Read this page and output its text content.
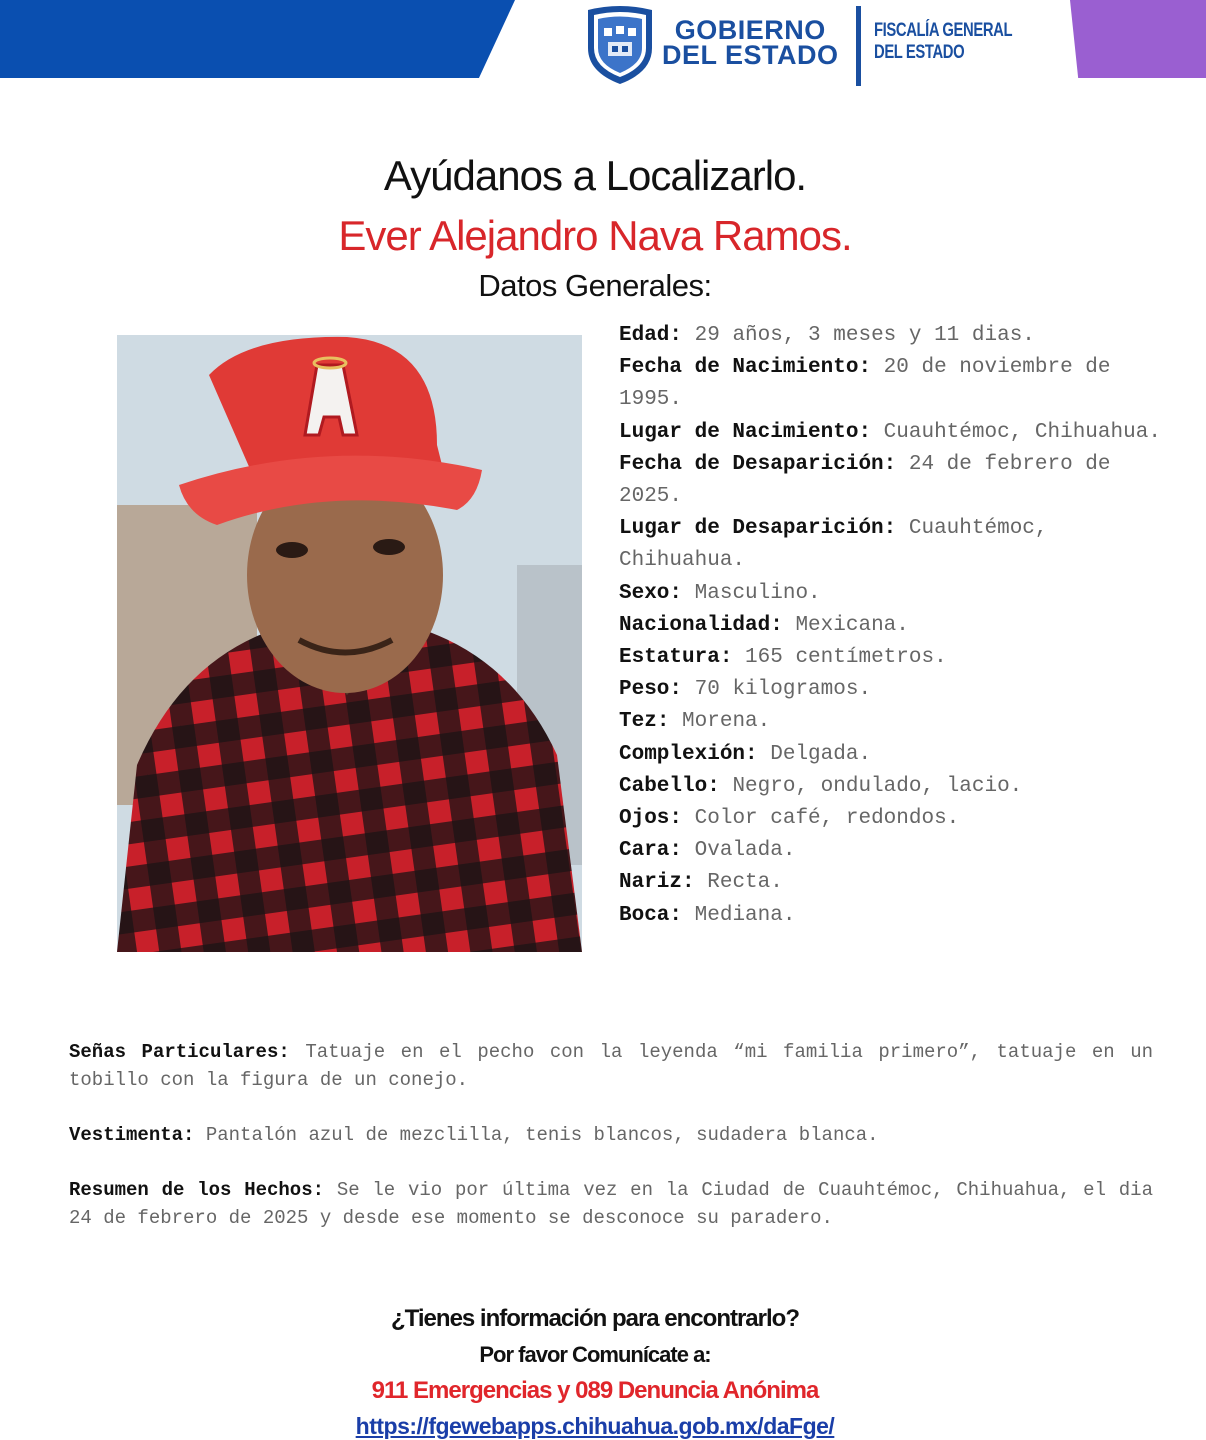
GOBIERNO
DEL ESTADO
FISCALÍA GENERAL
DEL ESTADO
Ayúdanos a Localizarlo.
Ever Alejandro Nava Ramos.
Datos Generales:
Edad: 29 años, 3 meses y 11 dias.
Fecha de Nacimiento: 20 de noviembre de 1995.
Lugar de Nacimiento: Cuauhtémoc, Chihuahua.
Fecha de Desaparición: 24 de febrero de 2025.
Lugar de Desaparición: Cuauhtémoc, Chihuahua.
Sexo: Masculino.
Nacionalidad: Mexicana.
Estatura: 165 centímetros.
Peso: 70 kilogramos.
Tez: Morena.
Complexión: Delgada.
Cabello: Negro, ondulado, lacio.
Ojos: Color café, redondos.
Cara: Ovalada.
Nariz: Recta.
Boca: Mediana.
Señas Particulares: Tatuaje en el pecho con la leyenda “mi familia primero”, tatuaje en un tobillo con la figura de un conejo.
Vestimenta: Pantalón azul de mezclilla, tenis blancos, sudadera blanca.
Resumen de los Hechos: Se le vio por última vez en la Ciudad de Cuauhtémoc, Chihuahua, el dia 24 de febrero de 2025 y desde ese momento se desconoce su paradero.
¿Tienes información para encontrarlo?
Por favor Comunícate a:
911 Emergencias y 089 Denuncia Anónima
https://fgewebapps.chihuahua.gob.mx/daFge/
